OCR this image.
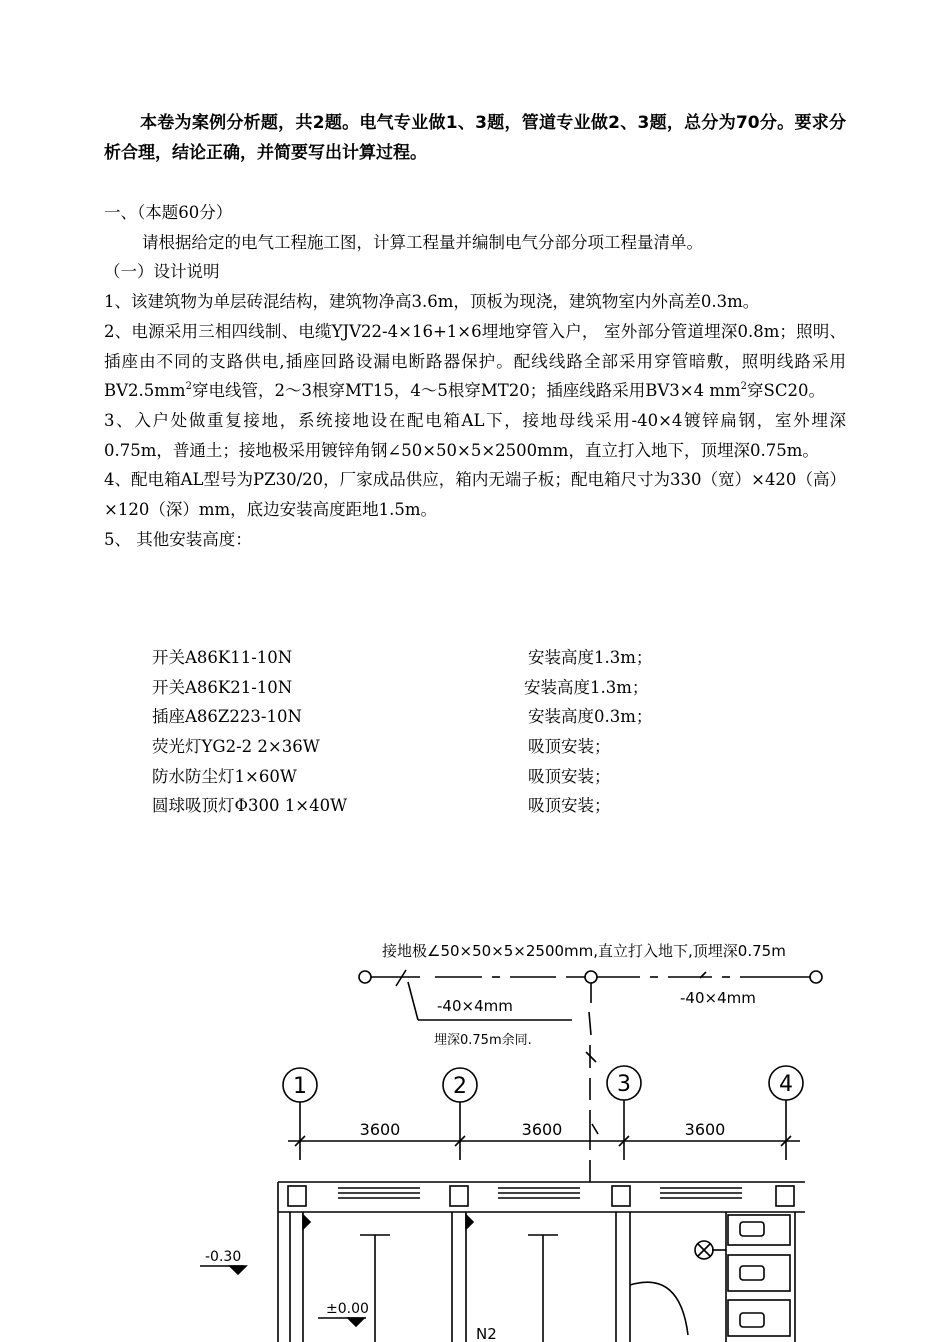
本卷为案例分析题，共2题。电气专业做1、3题，管道专业做2、3题，总分为70分。要求分析合理，结论正确，并简要写出计算过程。

一、（本题60分）

请根据给定的电气工程施工图，计算工程量并编制电气分部分项工程量清单。

（一）设计说明

1、该建筑物为单层砖混结构，建筑物净高3.6m，顶板为现浇，建筑物室内外高差0.3m。

2、电源采用三相四线制、电缆YJV22-4×16+1×6埋地穿管入户， 室外部分管道埋深0.8m；照明、插座由不同的支路供电,插座回路设漏电断路器保护。配线线路全部采用穿管暗敷，照明线路采用$BV2.5mm^2$穿电线管，2～3根穿MT15，4～5根穿MT20；插座线路采用BV3×4 $mm^2$穿SC20。

3、入户处做重复接地，系统接地设在配电箱AL下，接地母线采用-40×4镀锌扁钢，室外埋深0.75m，普通土；接地极采用镀锌角钢∠50×50×5×2500mm，直立打入地下，顶埋深0.75m。

4、配电箱AL型号为PZ30/20，厂家成品供应，箱内无端子板；配电箱尺寸为330（宽）×420（高）×120（深）mm，底边安装高度距地1.5m。

5、 其他安装高度：

开关A86K11-10N	安装高度1.3m；
开关A86K21-10N	安装高度1.3m；
插座A86Z223-10N	安装高度0.3m；
荧光灯YG2-2 2×36W	吸顶安装；
防水防尘灯1×60W	吸顶安装；
圆球吸顶灯Φ300 1×40W	吸顶安装；
接地极∠50×50×5×2500mm,直立打入地下,顶埋深0.75m
-40×4mm	-40×4mm
埋深0.75m余同.
1	2	3	4
3600	3600	3600
-0.30
±0.00
N2
